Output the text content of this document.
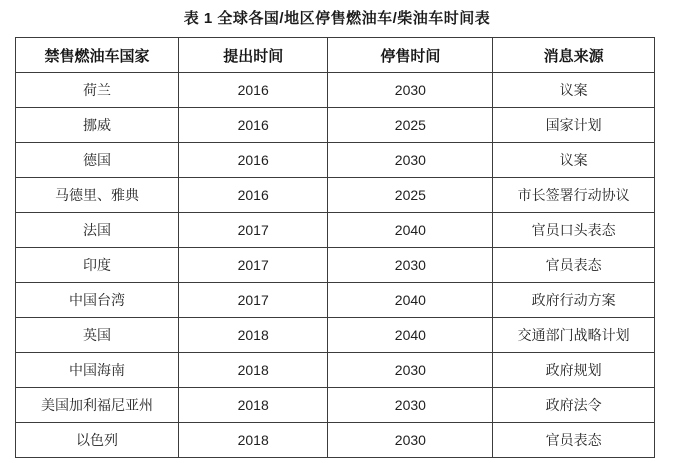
表 1 全球各国/地区停售燃油车/柴油车时间表
禁售燃油车国家	提出时间	停售时间	消息来源
荷兰	2016	2030	议案
挪威	2016	2025	国家计划
德国	2016	2030	议案
马德里、雅典	2016	2025	市长签署行动协议
法国	2017	2040	官员口头表态
印度	2017	2030	官员表态
中国台湾	2017	2040	政府行动方案
英国	2018	2040	交通部门战略计划
中国海南	2018	2030	政府规划
美国加利福尼亚州	2018	2030	政府法令
以色列	2018	2030	官员表态
